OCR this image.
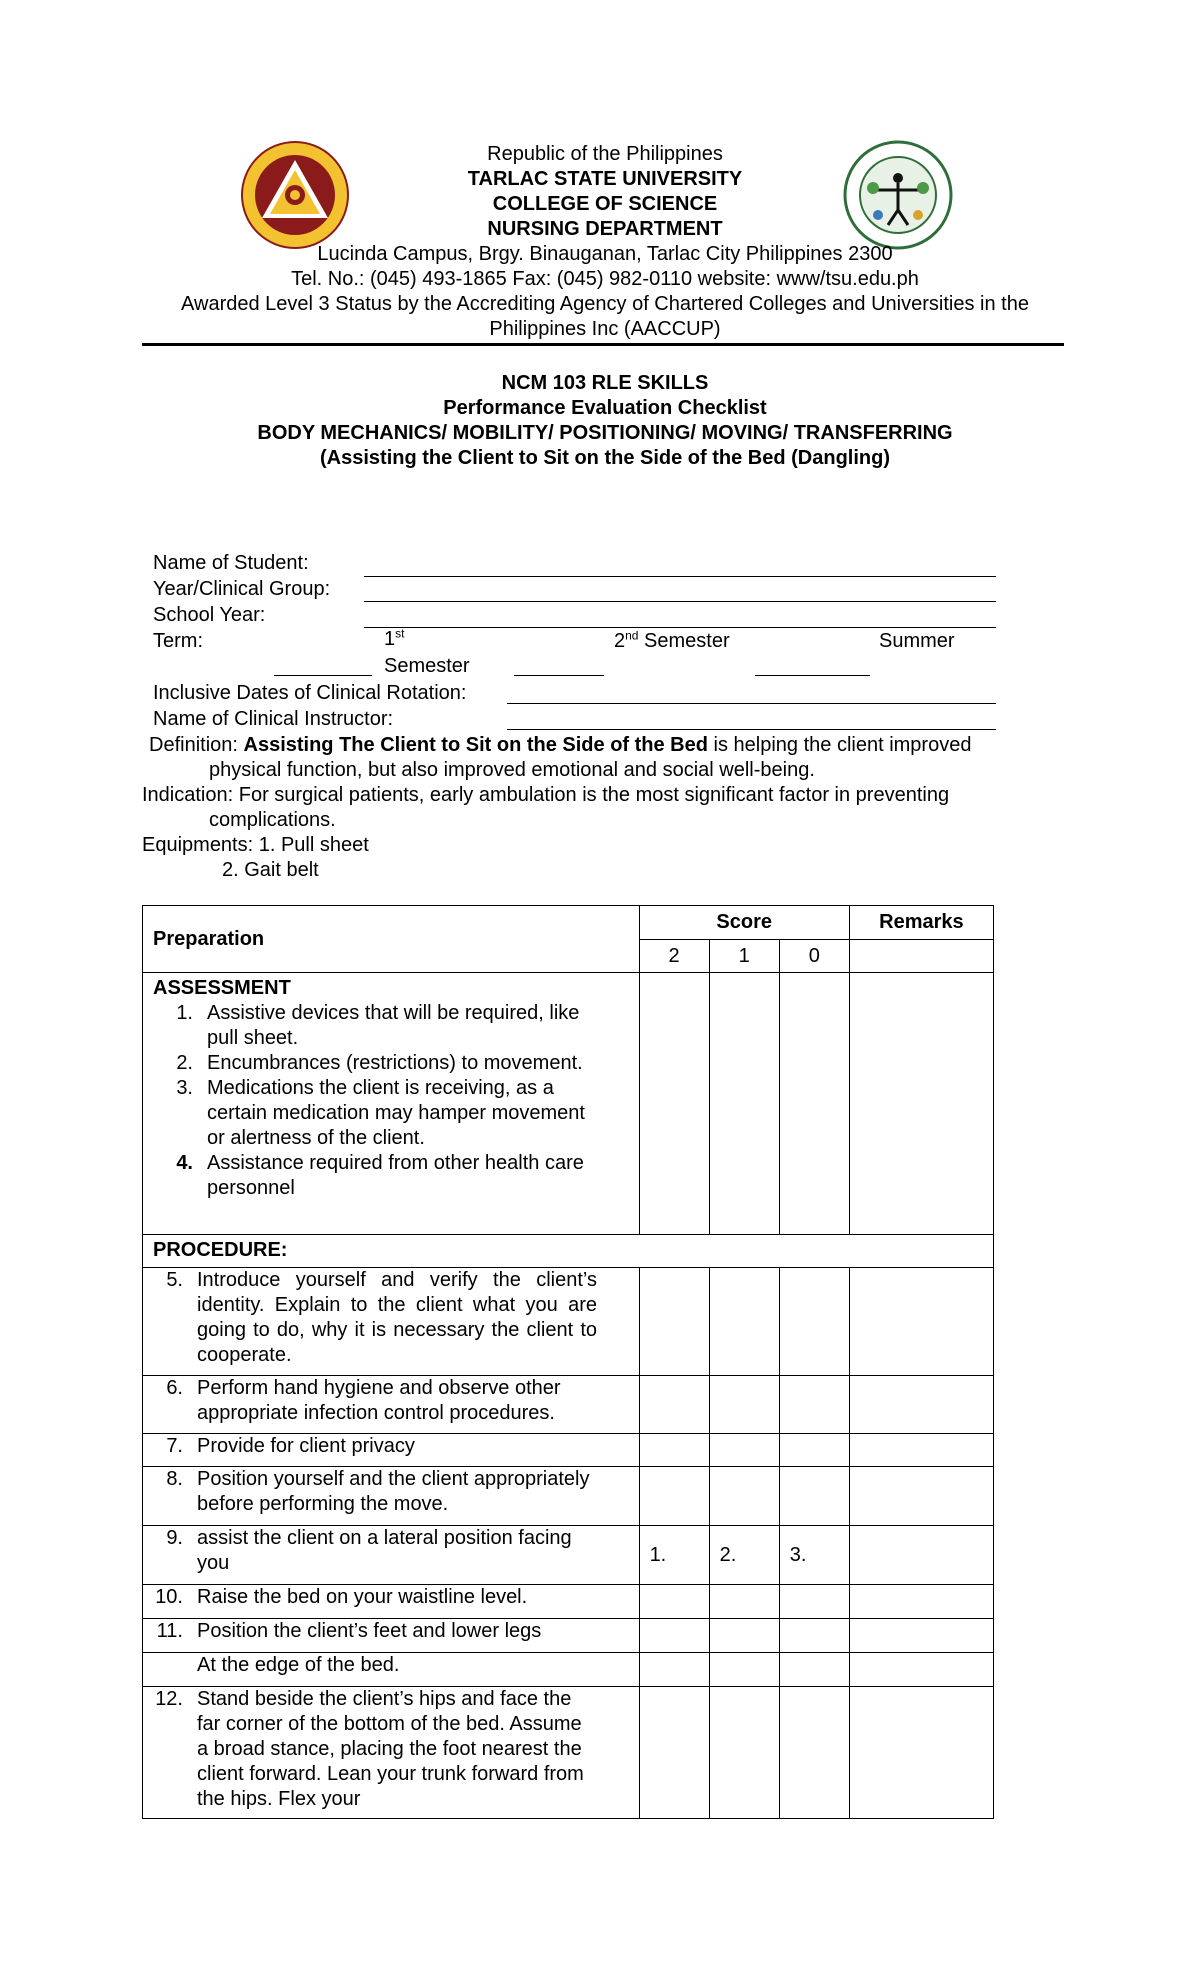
Republic of the Philippines
TARLAC STATE UNIVERSITY
COLLEGE OF SCIENCE
NURSING DEPARTMENT
Lucinda Campus, Brgy. Binauganan, Tarlac City Philippines 2300
Tel. No.: (045) 493-1865 Fax: (045) 982-0110 website: www/tsu.edu.ph
Awarded Level 3 Status by the Accrediting Agency of Chartered Colleges and Universities in the
Philippines Inc (AACCUP)
NCM 103 RLE SKILLS
Performance Evaluation Checklist
BODY MECHANICS/ MOBILITY/ POSITIONING/ MOVING/ TRANSFERRING
(Assisting the Client to Sit on the Side of the Bed (Dangling)
Name of Student:
Year/Clinical Group:
School Year:
Term:	1st	2nd Semester	Summer
Semester
Inclusive Dates of Clinical Rotation:
Name of Clinical Instructor:
Definition: Assisting The Client to Sit on the Side of the Bed is helping the client improved
physical function, but also improved emotional and social well-being.
Indication: For surgical patients, early ambulation is the most significant factor in preventing
complications.
Equipments: 1. Pull sheet
2. Gait belt
Preparation	Score			Remarks
	2	1	0	

ASSESSMENT
1. Assistive devices that will be required, like pull sheet.
2. Encumbrances (restrictions) to movement.
3. Medications the client is receiving, as a certain medication may hamper movement or alertness of the client.
4. Assistance required from other health care personnel				

PROCEDURE:				
5. Introduce yourself and verify the client’s identity. Explain to the client what you are going to do, why it is necessary the client to cooperate.				
6. Perform hand hygiene and observe other appropriate infection control procedures.				
7. Provide for client privacy				
8. Position yourself and the client appropriately before performing the move.				
9. assist the client on a lateral position facing you	1.	2.	3.	
10. Raise the bed on your waistline level.				
11. Position the client’s feet and lower legs				
At the edge of the bed.				
12. Stand beside the client’s hips and face the far corner of the bottom of the bed. Assume a broad stance, placing the foot nearest the client forward. Lean your trunk forward from the hips. Flex your				
